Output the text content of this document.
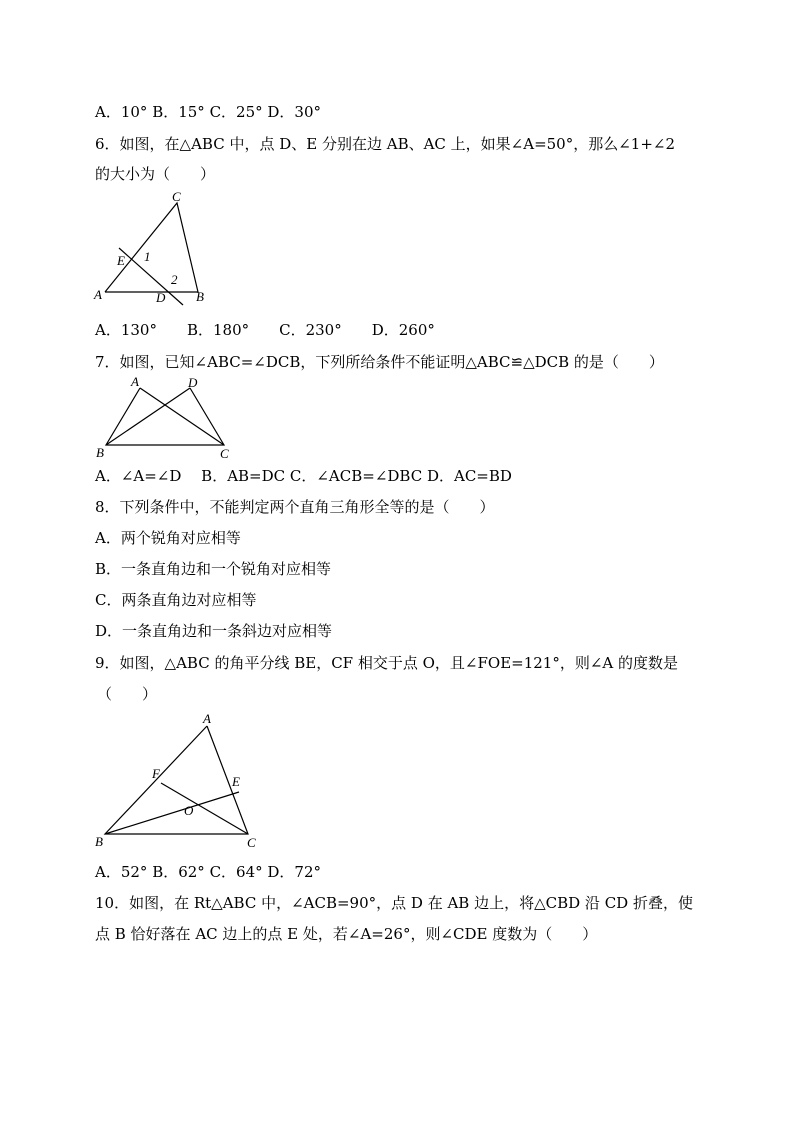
A．10° B．15° C．25° D．30°
6．如图，在△ABC 中，点 D、E 分别在边 AB、AC 上，如果∠A=50°，那么∠1+∠2
的大小为（　　）
C
E 1
2
A	D B
A．130°　　B．180°　　C．230°　　D．260°
7．如图，已知∠ABC=∠DCB，下列所给条件不能证明△ABC≌△DCB 的是（　　）
A	D
B	C
A．∠A=∠D　 B．AB=DC C．∠ACB=∠DBC D．AC=BD
8．下列条件中，不能判定两个直角三角形全等的是（　　）
A．两个锐角对应相等
B．一条直角边和一个锐角对应相等
C．两条直角边对应相等
D．一条直角边和一条斜边对应相等
9．如图，△ABC 的角平分线 BE，CF 相交于点 O，且∠FOE=121°，则∠A 的度数是
（　　）
A
F
E
O
B	C
A．52° B．62° C．64° D．72°
10．如图，在 Rt△ABC 中，∠ACB=90°，点 D 在 AB 边上，将△CBD 沿 CD 折叠，使
点 B 恰好落在 AC 边上的点 E 处，若∠A=26°，则∠CDE 度数为（　　）
